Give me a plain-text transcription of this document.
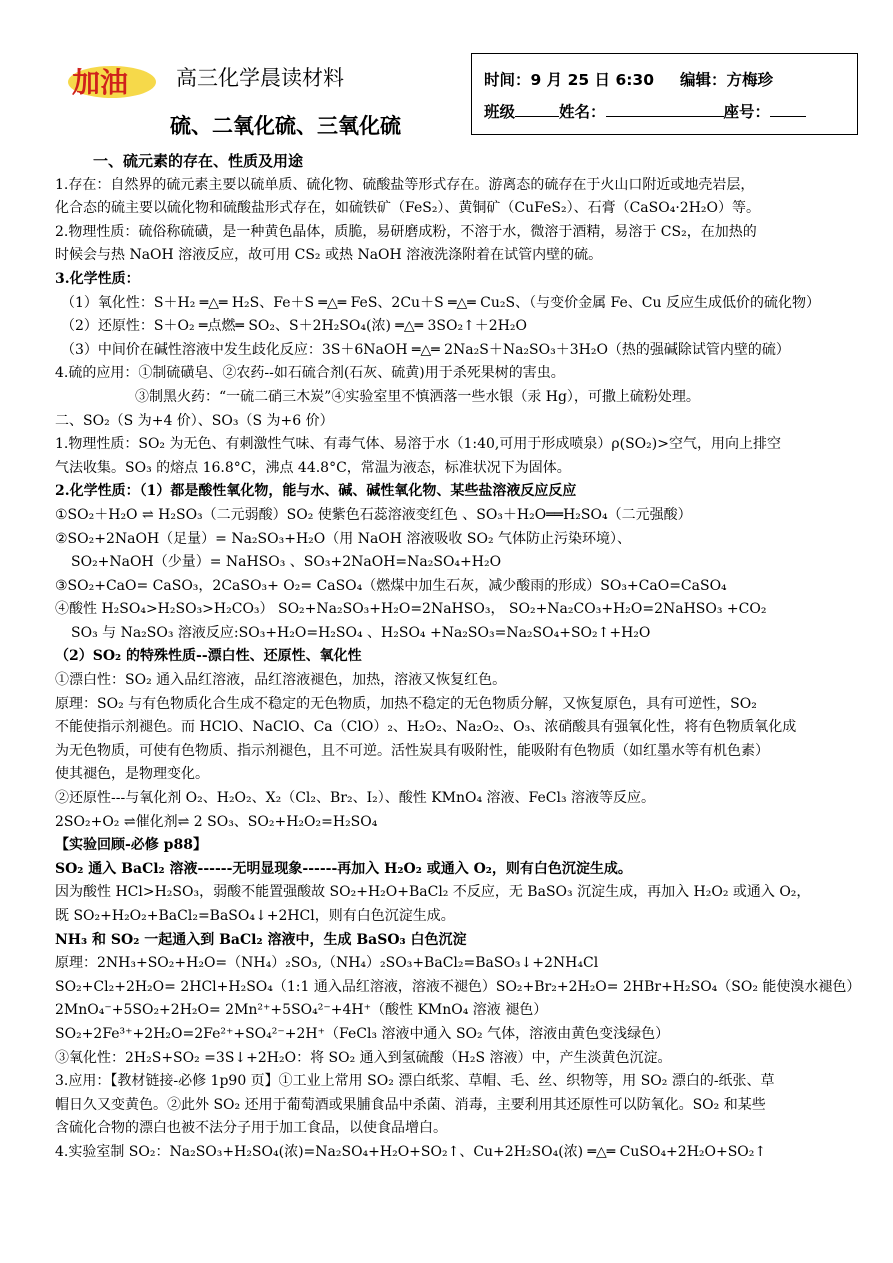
加油 高三化学晨读材料
硫、二氧化硫、三氧化硫
时间：9 月 25 日 6:30 编辑：方梅珍
班级	姓名：	座号：
一、硫元素的存在、性质及用途
1.存在：自然界的硫元素主要以硫单质、硫化物、硫酸盐等形式存在。游离态的硫存在于火山口附近或地壳岩层，
化合态的硫主要以硫化物和硫酸盐形式存在，如硫铁矿（FeS₂）、黄铜矿（CuFeS₂）、石膏（CaSO₄·2H₂O）等。
2.物理性质：硫俗称硫磺，是一种黄色晶体，质脆，易研磨成粉，不溶于水，微溶于酒精，易溶于 CS₂，在加热的
时候会与热 NaOH 溶液反应，故可用 CS₂ 或热 NaOH 溶液洗涤附着在试管内壁的硫。
3.化学性质：
（1）氧化性：S＋H₂ ═△═ H₂S、Fe＋S ═△═ FeS、2Cu＋S ═△═ Cu₂S、（与变价金属 Fe、Cu 反应生成低价的硫化物）
（2）还原性：S＋O₂ ═点燃═ SO₂、S＋2H₂SO₄(浓) ═△═ 3SO₂↑＋2H₂O
（3）中间价在碱性溶液中发生歧化反应：3S＋6NaOH ═△═ 2Na₂S＋Na₂SO₃＋3H₂O（热的强碱除试管内壁的硫）
4.硫的应用：①制硫磺皂、②农药--如石硫合剂(石灰、硫黄)用于杀死果树的害虫。
③制黑火药：“一硫二硝三木炭”④实验室里不慎洒落一些水银（汞 Hg），可撒上硫粉处理。
二、SO₂（S 为+4 价）、SO₃（S 为+6 价）
1.物理性质：SO₂ 为无色、有刺激性气味、有毒气体、易溶于水（1:40,可用于形成喷泉）ρ(SO₂)>空气，用向上排空
气法收集。SO₃ 的熔点 16.8°C，沸点 44.8°C，常温为液态，标准状况下为固体。
2.化学性质：（1）都是酸性氧化物，能与水、碱、碱性氧化物、某些盐溶液反应反应
①SO₂＋H₂O ⇌ H₂SO₃（二元弱酸）SO₂ 使紫色石蕊溶液变红色 、SO₃＋H₂O══H₂SO₄（二元强酸）
②SO₂+2NaOH（足量）= Na₂SO₃+H₂O（用 NaOH 溶液吸收 SO₂ 气体防止污染环境）、
SO₂+NaOH（少量）= NaHSO₃ 、SO₃+2NaOH=Na₂SO₄+H₂O
③SO₂+CaO= CaSO₃，2CaSO₃+ O₂= CaSO₄（燃煤中加生石灰，减少酸雨的形成）SO₃+CaO=CaSO₄
④酸性 H₂SO₄>H₂SO₃>H₂CO₃） SO₂+Na₂SO₃+H₂O=2NaHSO₃， SO₂+Na₂CO₃+H₂O=2NaHSO₃ +CO₂
SO₃ 与 Na₂SO₃ 溶液反应:SO₃+H₂O=H₂SO₄ 、H₂SO₄ +Na₂SO₃=Na₂SO₄+SO₂↑+H₂O
（2）SO₂ 的特殊性质--漂白性、还原性、氧化性
①漂白性：SO₂ 通入品红溶液，品红溶液褪色，加热，溶液又恢复红色。
原理：SO₂ 与有色物质化合生成不稳定的无色物质，加热不稳定的无色物质分解，又恢复原色，具有可逆性，SO₂
不能使指示剂褪色。而 HClO、NaClO、Ca（ClO）₂、H₂O₂、Na₂O₂、O₃、浓硝酸具有强氧化性，将有色物质氧化成
为无色物质，可使有色物质、指示剂褪色，且不可逆。活性炭具有吸附性，能吸附有色物质（如红墨水等有机色素）
使其褪色，是物理变化。
②还原性---与氧化剂 O₂、H₂O₂、X₂（Cl₂、Br₂、I₂）、酸性 KMnO₄ 溶液、FeCl₃ 溶液等反应。
2SO₂+O₂ ⇌催化剂⇌ 2 SO₃、SO₂+H₂O₂=H₂SO₄
【实验回顾-必修 p88】
SO₂ 通入 BaCl₂ 溶液------无明显现象------再加入 H₂O₂ 或通入 O₂，则有白色沉淀生成。
因为酸性 HCl>H₂SO₃，弱酸不能置强酸故 SO₂+H₂O+BaCl₂ 不反应，无 BaSO₃ 沉淀生成，再加入 H₂O₂ 或通入 O₂，
既 SO₂+H₂O₂+BaCl₂=BaSO₄↓+2HCl，则有白色沉淀生成。
NH₃ 和 SO₂ 一起通入到 BaCl₂ 溶液中，生成 BaSO₃ 白色沉淀
原理：2NH₃+SO₂+H₂O=（NH₄）₂SO₃,（NH₄）₂SO₃+BaCl₂=BaSO₃↓+2NH₄Cl
SO₂+Cl₂+2H₂O= 2HCl+H₂SO₄（1:1 通入品红溶液，溶液不褪色）SO₂+Br₂+2H₂O= 2HBr+H₂SO₄（SO₂ 能使溴水褪色）
2MnO₄⁻+5SO₂+2H₂O= 2Mn²⁺+5SO₄²⁻+4H⁺（酸性 KMnO₄ 溶液 褪色）
SO₂+2Fe³⁺+2H₂O=2Fe²⁺+SO₄²⁻+2H⁺（FeCl₃ 溶液中通入 SO₂ 气体，溶液由黄色变浅绿色）
③氧化性：2H₂S+SO₂ =3S↓+2H₂O：将 SO₂ 通入到氢硫酸（H₂S 溶液）中，产生淡黄色沉淀。
3.应用：【教材链接-必修 1p90 页】①工业上常用 SO₂ 漂白纸浆、草帽、毛、丝、织物等，用 SO₂ 漂白的-纸张、草
帽日久又变黄色。②此外 SO₂ 还用于葡萄酒或果脯食品中杀菌、消毒，主要利用其还原性可以防氧化。SO₂ 和某些
含硫化合物的漂白也被不法分子用于加工食品，以使食品增白。
4.实验室制 SO₂：Na₂SO₃+H₂SO₄(浓)=Na₂SO₄+H₂O+SO₂↑、Cu+2H₂SO₄(浓) ═△═ CuSO₄+2H₂O+SO₂↑
